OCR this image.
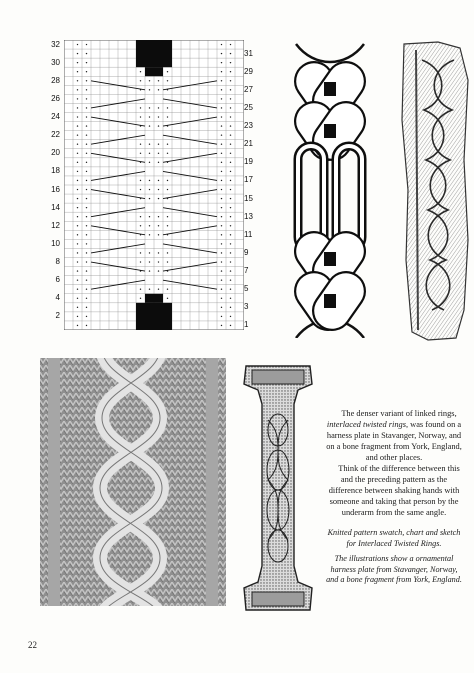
32
30
28
26
24
22
20
18
16
14
12
10
8
6
4
2
31
29
27
25
23
21
19
17
15
13
11
9
7
5
3
1

The denser variant of linked rings, interlaced twisted rings, was found on a harness plate in Stavanger, Norway, and on a bone fragment from York, England, and other places.

Think of the difference between this and the preceding pattern as the difference between shaking hands with someone and taking that person by the underarm from the same angle.

Knitted pattern swatch, chart and sketch for Interlaced Twisted Rings.

The illustrations show a ornamental harness plate from Stavanger, Norway, and a bone fragment from York, England.

22
